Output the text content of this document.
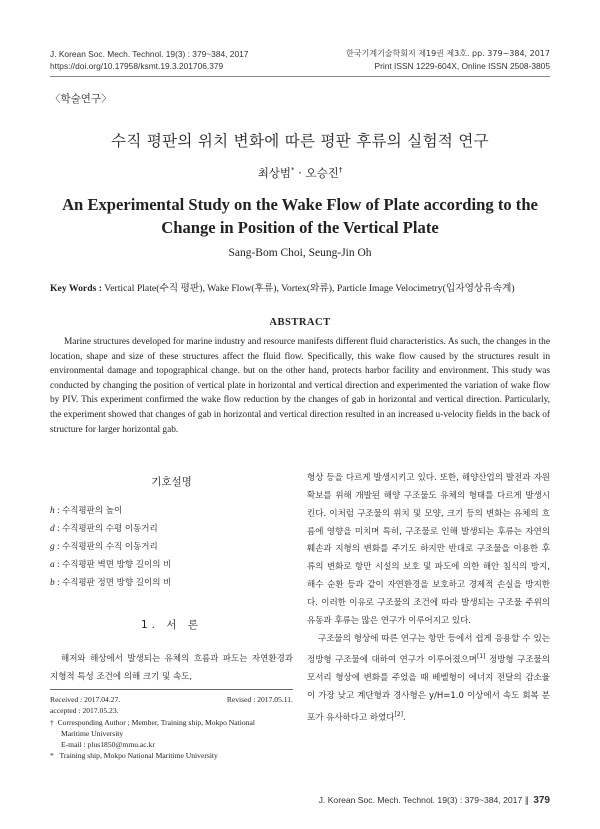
J. Korean Soc. Mech. Technol. 19(3) : 379~384, 2017
https://doi.org/10.17958/ksmt.19.3.201706.379
한국기계기술학회지 제19권 제3호. pp. 379~384, 2017
Print ISSN 1229-604X, Online ISSN 2508-3805
〈학술연구〉
수직 평판의 위치 변화에 따른 평판 후류의 실험적 연구
최상범* · 오승진†
An Experimental Study on the Wake Flow of Plate according to the
Change in Position of the Vertical Plate
Sang-Bom Choi, Seung-Jin Oh
Key Words : Vertical Plate(수직 평판), Wake Flow(후류), Vortex(와류), Particle Image Velocimetry(입자영상유속계)
ABSTRACT
Marine structures developed for marine industry and resource manifests different fluid characteristics. As such, the changes in the location, shape and size of these structures affect the fluid flow. Specifically, this wake flow caused by the structures result in environmental damage and topographical change. but on the other hand, protects harbor facility and environment. This study was conducted by changing the position of vertical plate in horizontal and vertical direction and experimented the variation of wake flow by PIV. This experiment confirmed the wake flow reduction by the changes of gab in horizontal and vertical direction. Particularly, the experiment showed that changes of gab in horizontal and vertical direction resulted in an increased u-velocity fields in the back of structure for larger horizontal gab.
기호설명
h : 수직평판의 높이
d : 수직평판의 수평 이동거리
g : 수직평판의 수직 이동거리
a : 수직평판 벽면 방향 길이의 비
b : 수직평판 정면 방향 길이의 비
1. 서 론

해저와 해상에서 발생되는 유체의 흐름과 파도는 자연환경과 지형적 특성 조건에 의해 크기 및 속도,

Received : 2017.04.27.	Revised : 2017.05.11.
accepted : 2017.05.23.
† Corresponding Author ; Member, Training ship, Mokpo National
Maritime University
E-mail : plus1850@mmu.ac.kr
* Training ship, Mokpo National Maritime University

형상 등을 다르게 발생시키고 있다. 또한, 해양산업의 발전과 자원 확보를 위해 개발된 해양 구조물도 유체의 형태를 다르게 발생시킨다. 이처럼 구조물의 위치 및 모양, 크기 등의 변화는 유체의 흐름에 영향을 미치며 특히, 구조물로 인해 발생되는 후류는 자연의 훼손과 지형의 변화를 주기도 하지만 반대로 구조물을 이용한 후류의 변화로 항만 시설의 보호 및 파도에 의한 해안 침식의 방지, 해수 순환 등과 같이 자연환경을 보호하고 경제적 손실을 방지한다. 이러한 이유로 구조물의 조건에 따라 발생되는 구조물 주위의 유동과 후류는 많은 연구가 이루어지고 있다.

구조물의 형상에 따른 연구는 항만 등에서 쉽게 응용할 수 있는 정방형 구조물에 대하여 연구가 이루어졌으며[1] 정방형 구조물의 모서리 형상에 변화를 주었을 때 베벨형이 에너지 전달의 감소율이 가장 낮고 계단형과 경사형은 y/H=1.0 이상에서 속도 회복 분포가 유사하다고 하였다[2].

J. Korean Soc. Mech. Technol. 19(3) : 379~384, 2017 ∥ 379
